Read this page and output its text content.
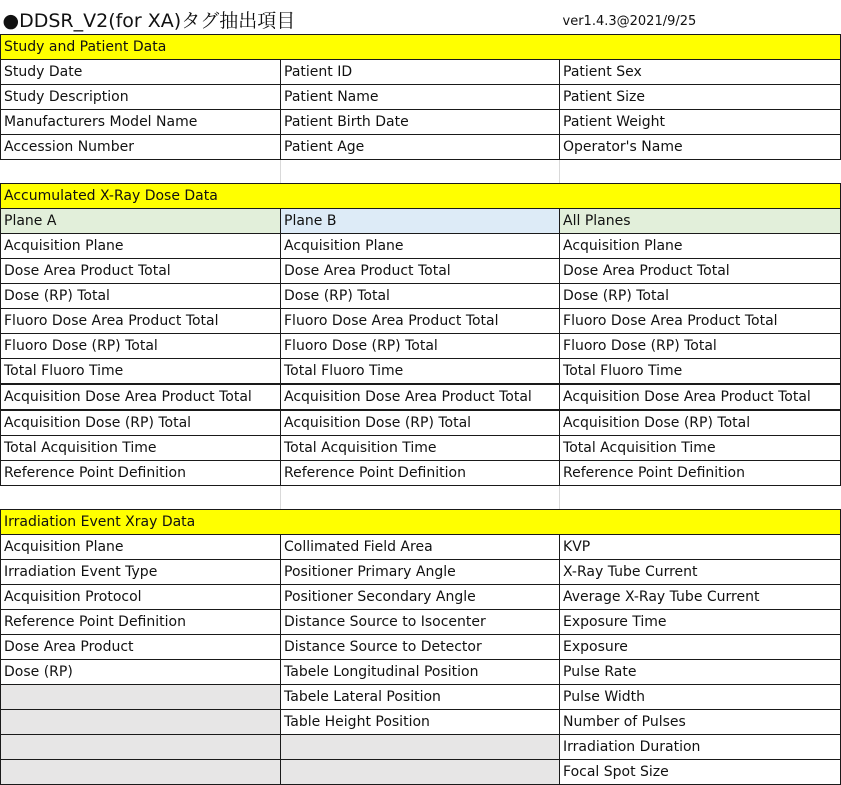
●DDSR_V2(for XA)タグ抽出項目		ver1.4.3@2021/9/25
Study and Patient Data		
Study Date	Patient ID	Patient Sex
Study Description	Patient Name	Patient Size
Manufacturers Model Name	Patient Birth Date	Patient Weight
Accession Number	Patient Age	Operator's Name

Accumulated X-Ray Dose Data		
Plane A	Plane B	All Planes
Acquisition Plane	Acquisition Plane	Acquisition Plane
Dose Area Product Total	Dose Area Product Total	Dose Area Product Total
Dose (RP) Total	Dose (RP) Total	Dose (RP) Total
Fluoro Dose Area Product Total	Fluoro Dose Area Product Total	Fluoro Dose Area Product Total
Fluoro Dose (RP) Total	Fluoro Dose (RP) Total	Fluoro Dose (RP) Total
Total Fluoro Time	Total Fluoro Time	Total Fluoro Time
Acquisition Dose Area Product Total	Acquisition Dose Area Product Total	Acquisition Dose Area Product Total
Acquisition Dose (RP) Total	Acquisition Dose (RP) Total	Acquisition Dose (RP) Total
Total Acquisition Time	Total Acquisition Time	Total Acquisition Time
Reference Point Definition	Reference Point Definition	Reference Point Definition

Irradiation Event Xray Data		
Acquisition Plane	Collimated Field Area	KVP
Irradiation Event Type	Positioner Primary Angle	X-Ray Tube Current
Acquisition Protocol	Positioner Secondary Angle	Average X-Ray Tube Current
Reference Point Definition	Distance Source to Isocenter	Exposure Time
Dose Area Product	Distance Source to Detector	Exposure
Dose (RP)	Tabele Longitudinal Position	Pulse Rate
	Tabele Lateral Position	Pulse Width
	Table Height Position	Number of Pulses
		Irradiation Duration
		Focal Spot Size
